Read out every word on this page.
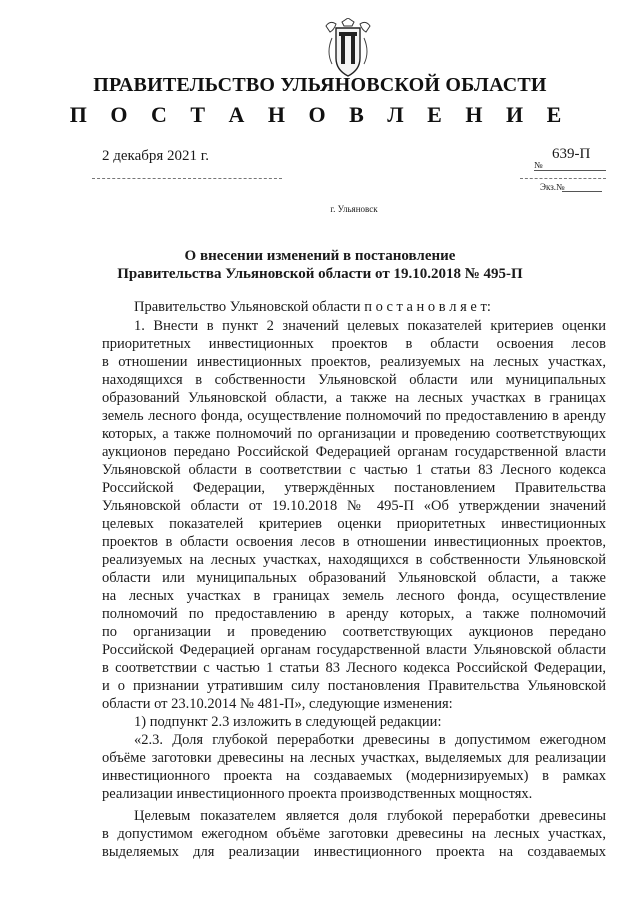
ПРАВИТЕЛЬСТВО УЛЬЯНОВСКОЙ ОБЛАСТИ
П О С Т А Н О В Л Е Н И Е
2 декабря 2021 г.
№
639-П
Экз.№
г. Ульяновск
О внесении изменений в постановление
Правительства Ульяновской области от 19.10.2018 № 495-П
Правительство Ульяновской области п о с т а н о в л я е т:
1. Внести в пункт 2 значений целевых показателей критериев оценки
приоритетных инвестиционных проектов в области освоения лесов
в отношении инвестиционных проектов, реализуемых на лесных участках,
находящихся в собственности Ульяновской области или муниципальных
образований Ульяновской области, а также на лесных участках в границах
земель лесного фонда, осуществление полномочий по предоставлению в аренду
которых, а также полномочий по организации и проведению соответствующих
аукционов передано Российской Федерацией органам государственной власти
Ульяновской области в соответствии с частью 1 статьи 83 Лесного кодекса
Российской Федерации, утверждённых постановлением Правительства
Ульяновской области от 19.10.2018 № 495-П «Об утверждении значений
целевых показателей критериев оценки приоритетных инвестиционных
проектов в области освоения лесов в отношении инвестиционных проектов,
реализуемых на лесных участках, находящихся в собственности Ульяновской
области или муниципальных образований Ульяновской области, а также
на лесных участках в границах земель лесного фонда, осуществление
полномочий по предоставлению в аренду которых, а также полномочий
по организации и проведению соответствующих аукционов передано
Российской Федерацией органам государственной власти Ульяновской области
в соответствии с частью 1 статьи 83 Лесного кодекса Российской Федерации,
и о признании утратившим силу постановления Правительства Ульяновской
области от 23.10.2014 № 481-П», следующие изменения:
1) подпункт 2.3 изложить в следующей редакции:
«2.3. Доля глубокой переработки древесины в допустимом ежегодном
объёме заготовки древесины на лесных участках, выделяемых для реализации
инвестиционного проекта на создаваемых (модернизируемых) в рамках
реализации инвестиционного проекта производственных мощностях.
Целевым показателем является доля глубокой переработки древесины
в допустимом ежегодном объёме заготовки древесины на лесных участках,
выделяемых для реализации инвестиционного проекта на создаваемых
